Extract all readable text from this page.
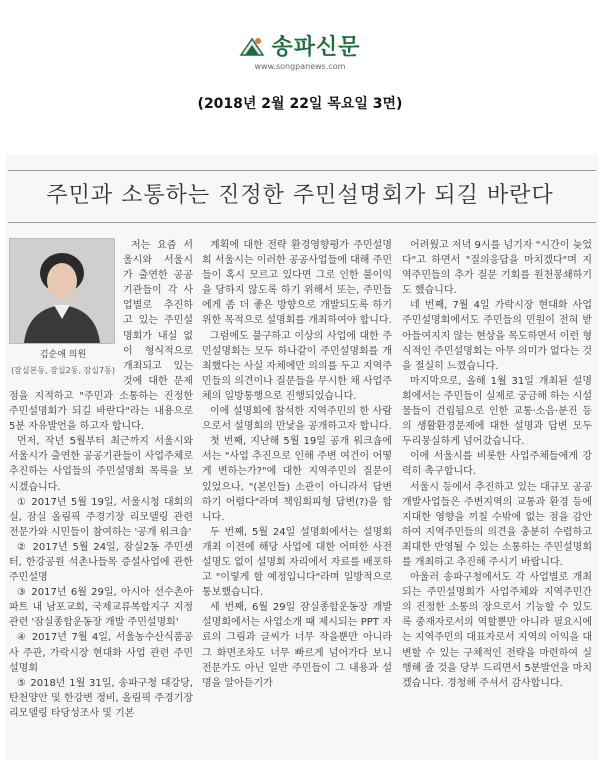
송파신문
www.songpanews.com
(2018년 2월 22일 목요일 3면)
주민과 소통하는 진정한 주민설명회가 되길 바란다
김순애 의원
(잠실본동, 잠실2동, 잠실7동)

저는 요즘 서울시와 서울시가 출연한 공공기관들이 각 사업별로 추진하고 있는 주민설명회가 내실 없이 형식적으로 개최되고 있는 것에 대한 문제점을 지적하고 "주민과 소통하는 진정한 주민설명회가 되길 바란다"라는 내용으로 5분 자유발언을 하고자 합니다.

먼저, 작년 5월부터 최근까지 서울시와 서울시가 출연한 공공기관들이 사업주체로 추진하는 사업들의 주민설명회 목록을 보시겠습니다.

① 2017년 5월 19일, 서울시청 대회의실, 잠실 올림픽 주경기장 리모델링 관련 전문가와 시민들이 참여하는 '공개 워크숍'

② 2017년 5월 24일, 잠실2동 주민센터, 한강공원 석촌나들목 증설사업에 관한 주민설명

③ 2017년 6월 29일, 아시아 선수촌아파트 내 남포교회, 국제교류복합지구 지정 관련 '잠실종합운동장 개발 주민설명회'

④ 2017년 7월 4일, 서울농수산식품공사 주관, 가락시장 현대화 사업 관련 주민설명회

⑤ 2018년 1월 31일, 송파구청 대강당, 탄천양안 및 한강변 정비, 올림픽 주경기장 리모델링 타당성조사 및 기본

계획에 대한 전략 환경영향평가 주민설명회 서울시는 이러한 공공사업들에 대해 주민들이 혹시 모르고 있다면 그로 인한 불이익을 당하지 않도록 하기 위해서 또는, 주민들에게 좀 더 좋은 방향으로 개발되도록 하기 위한 목적으로 설명회를 개최하여야 합니다.

그럼에도 불구하고 이상의 사업에 대한 주민설명회는 모두 하나같이 주민설명회를 개최했다는 사실 자체에만 의의를 두고 지역주민들의 의견이나 질문들을 무시한 채 사업주체의 일방통행으로 진행되었습니다.

이에 설명회에 참석한 지역주민의 한 사람으로서 설명회의 만낯을 공개하고자 합니다.

첫 번째, 지난해 5월 19일 공개 워크숍에서는 "사업 추진으로 인해 주변 여건이 어떻게 변하는가?"에 대한 지역주민의 질문이 있었으나, "(본인들) 소관이 아니라서 답변하기 어렵다"라며 책임회피형 답변(?)을 합니다.

두 번째, 5월 24일 설명회에서는 설명회 개최 이전에 해당 사업에 대한 어떠한 사전 설명도 없이 설명회 자리에서 자료를 배포하고 "이렇게 할 예정입니다"라며 일방적으로 통보했습니다.

세 번째, 6월 29일 잠실종합운동장 개발 설명회에서는 사업소개 때 제시되는 PPT 자료의 그림과 글씨가 너무 작을뿐만 아니라 그 화면조차도 너무 빠르게 넘어가다 보니 전문가도 아닌 일반 주민들이 그 내용과 설명을 알아듣기가

어려웠고 저녁 9시를 넘기자 "시간이 늦었다"고 하면서 "질의응답을 마치겠다"며 지역주민들의 추가 질문 기회를 원천봉쇄하기도 했습니다.

네 번째, 7월 4일 가락시장 현대화 사업 주민설명회에서도 주민들의 민원이 전혀 받아들여지지 않는 현상을 목도하면서 이런 형식적인 주민설명회는 아무 의미가 없다는 것을 절실히 느꼈습니다.

마지막으로, 올해 1월 31일 개최된 설명회에서는 주민들이 실제로 궁금해 하는 시설물들이 건립됨으로 인한 교통·소음·분진 등의 생활환경문제에 대한 설명과 답변 모두 두리뭉실하게 넘어갔습니다.

이에 서울시를 비롯한 사업주체들에게 강력히 촉구합니다.

서울시 등에서 추진하고 있는 대규모 공공개발사업들은 주변지역의 교통과 환경 등에 지대한 영향을 끼칠 수밖에 없는 점을 감안하여 지역주민들의 의견을 충분히 수렴하고 최대한 반영될 수 있는 소통하는 주민설명회를 개최하고 추진해 주시기 바랍니다.

아울러 송파구청에서도 각 사업별로 개최되는 주민설명회가 사업주체와 지역주민간의 진정한 소통의 장으로서 기능할 수 있도록 중재자로서의 역할뿐만 아니라 필요시에는 지역주민의 대표자로서 지역의 이익을 대변할 수 있는 구체적인 전략을 마련하여 실행해 줄 것을 당부 드리면서 5분발언을 마치겠습니다. 경청해 주셔서 감사합니다.
